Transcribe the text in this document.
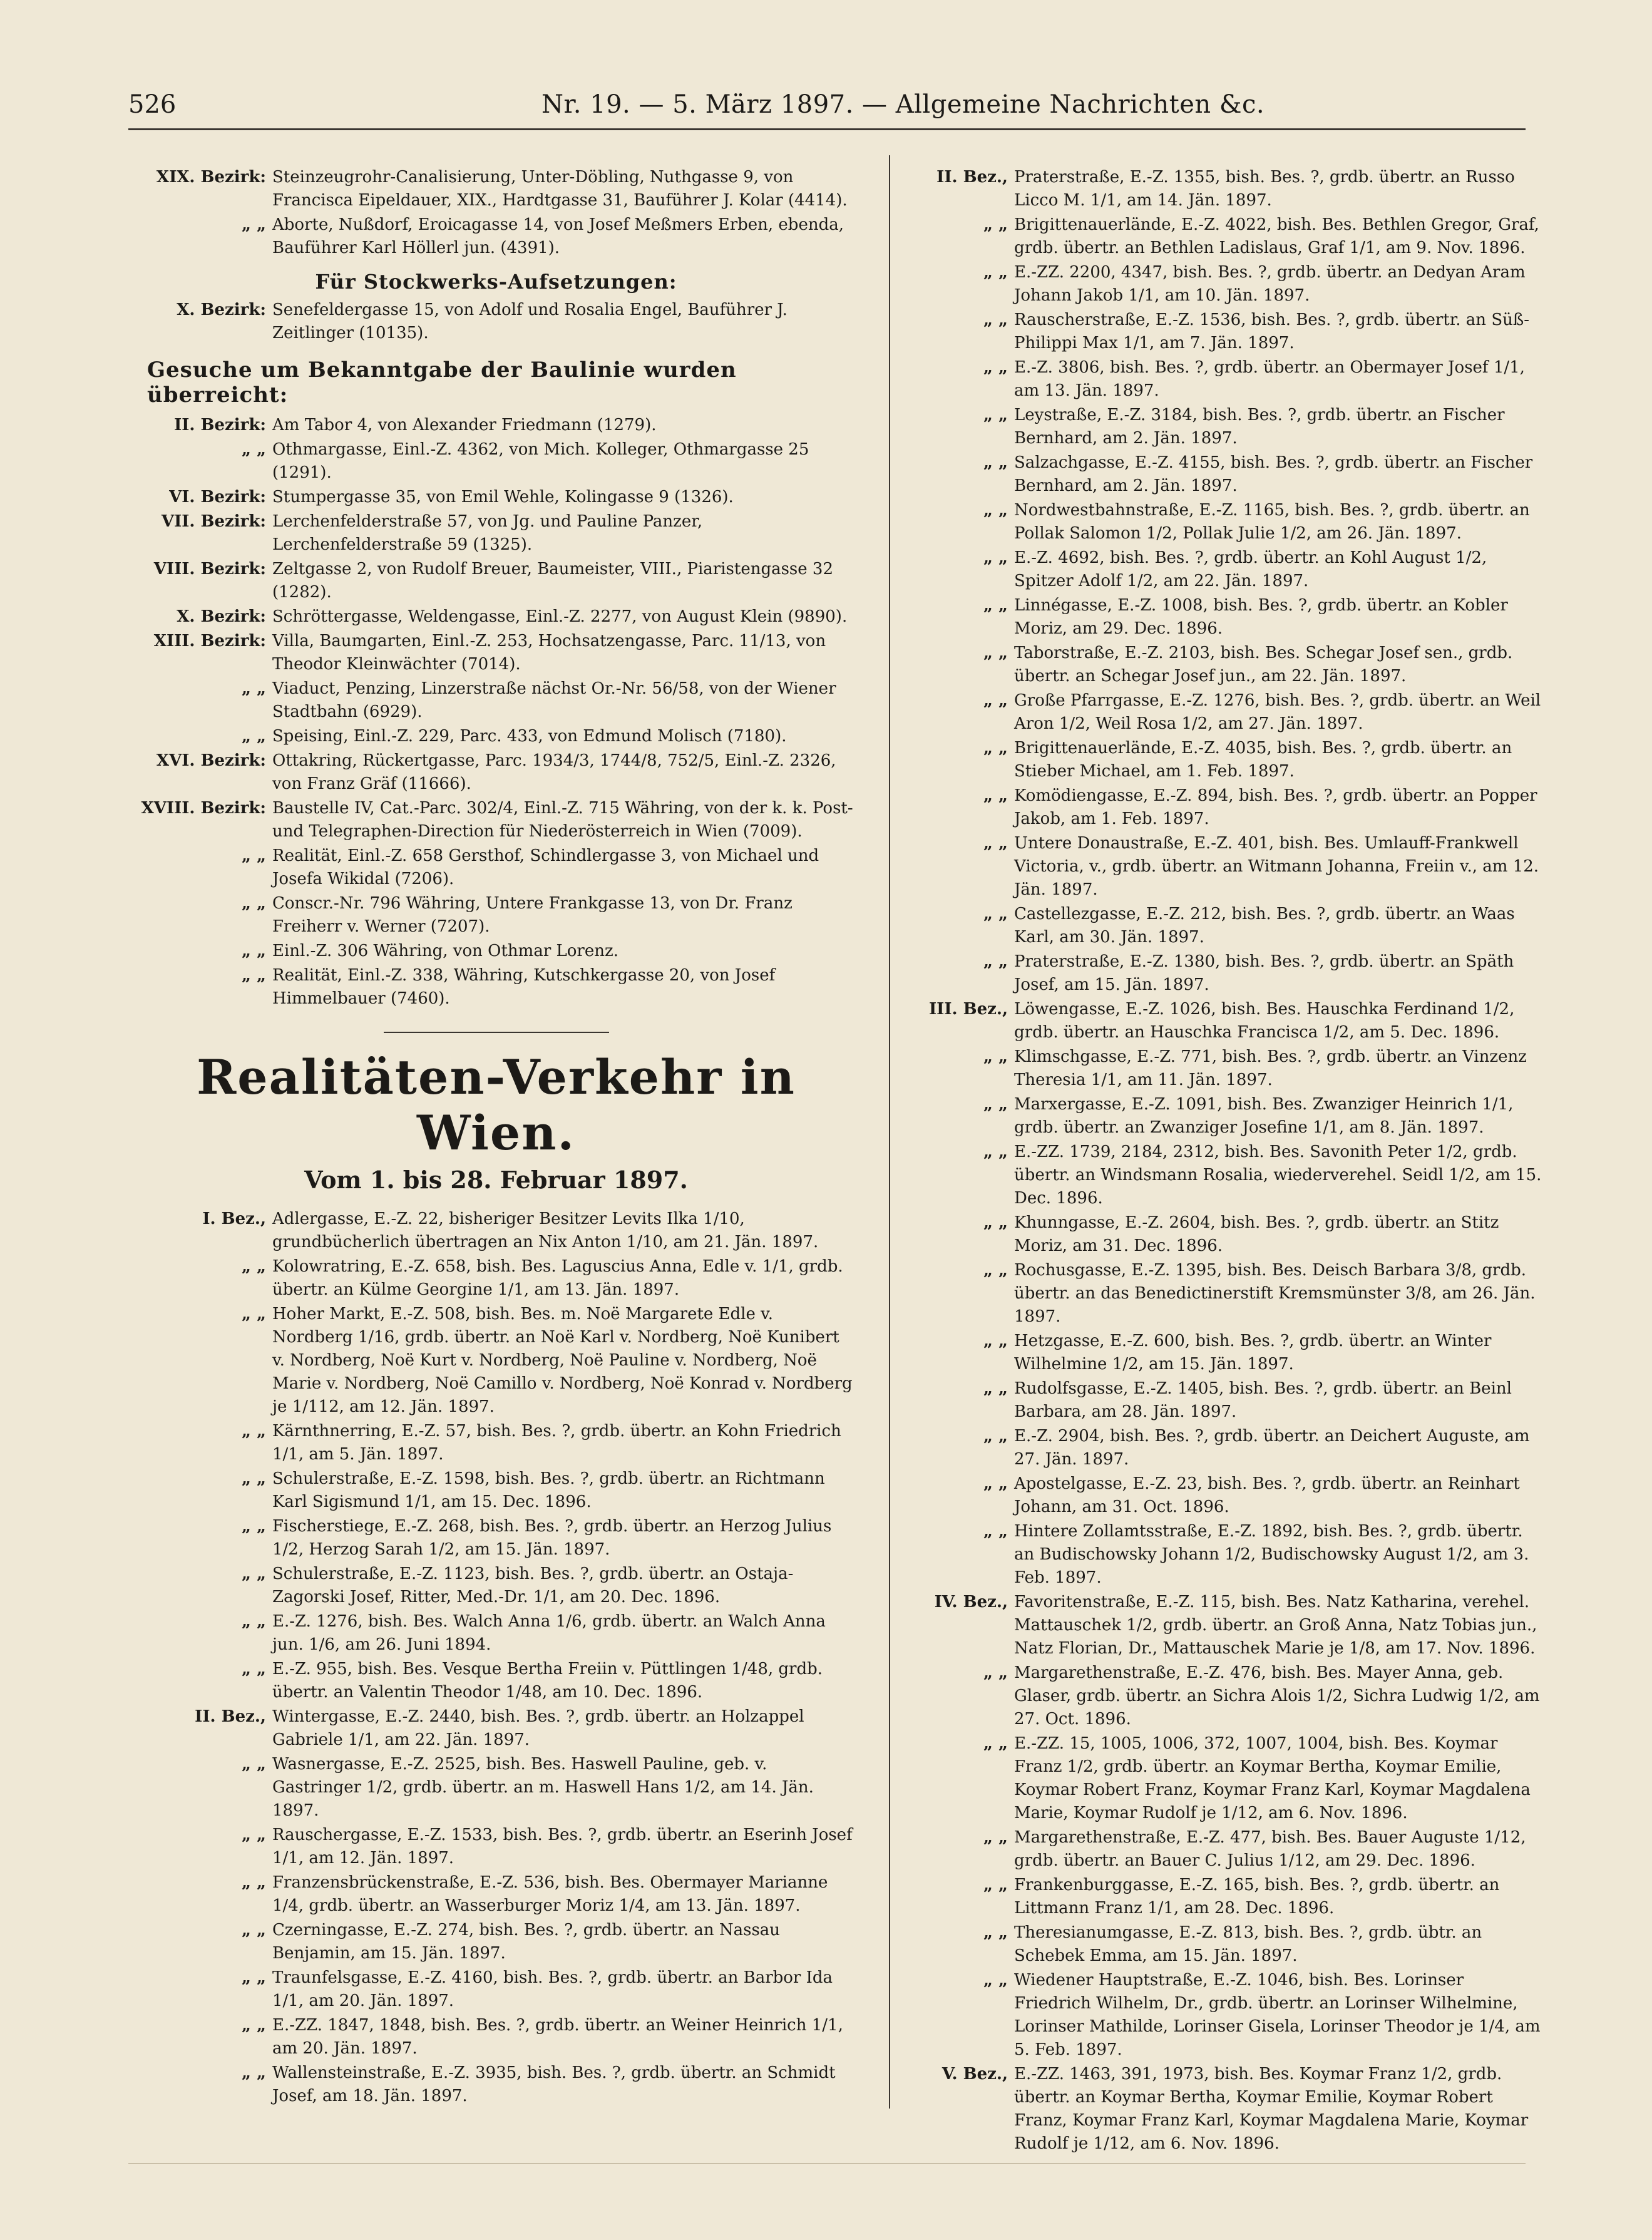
526	Nr. 19. — 5. März 1897. — Allgemeine Nachrichten &c.
XIX. Bezirk: Steinzeugrohr-Canalisierung, Unter-Döbling, Nuthgasse 9, von Francisca Eipeldauer, XIX., Hardtgasse 31, Bauführer J. Kolar (4414).
„ „ Aborte, Nußdorf, Eroicagasse 14, von Josef Meßmers Erben, ebenda, Bauführer Karl Höllerl jun. (4391).
Für Stockwerks-Aufsetzungen:
X. Bezirk: Senefeldergasse 15, von Adolf und Rosalia Engel, Bauführer J. Zeitlinger (10135).
Gesuche um Bekanntgabe der Baulinie wurden überreicht:
II. Bezirk: Am Tabor 4, von Alexander Friedmann (1279).
„ „ Othmargasse, Einl.-Z. 4362, von Mich. Kolleger, Othmargasse 25 (1291).
VI. Bezirk: Stumpergasse 35, von Emil Wehle, Kolingasse 9 (1326).
VII. Bezirk: Lerchenfelderstraße 57, von Jg. und Pauline Panzer, Lerchenfelderstraße 59 (1325).
VIII. Bezirk: Zeltgasse 2, von Rudolf Breuer, Baumeister, VIII., Piaristengasse 32 (1282).
X. Bezirk: Schröttergasse, Weldengasse, Einl.-Z. 2277, von August Klein (9890).
XIII. Bezirk: Villa, Baumgarten, Einl.-Z. 253, Hochsatzengasse, Parc. 11/13, von Theodor Kleinwächter (7014).
„ „ Viaduct, Penzing, Linzerstraße nächst Or.-Nr. 56/58, von der Wiener Stadtbahn (6929).
„ „ Speising, Einl.-Z. 229, Parc. 433, von Edmund Molisch (7180).
XVI. Bezirk: Ottakring, Rückertgasse, Parc. 1934/3, 1744/8, 752/5, Einl.-Z. 2326, von Franz Gräf (11666).
XVIII. Bezirk: Baustelle IV, Cat.-Parc. 302/4, Einl.-Z. 715 Währing, von der k. k. Post- und Telegraphen-Direction für Niederösterreich in Wien (7009).
„ „ Realität, Einl.-Z. 658 Gersthof, Schindlergasse 3, von Michael und Josefa Wikidal (7206).
„ „ Conscr.-Nr. 796 Währing, Untere Frankgasse 13, von Dr. Franz Freiherr v. Werner (7207).
„ „ Einl.-Z. 306 Währing, von Othmar Lorenz.
„ „ Realität, Einl.-Z. 338, Währing, Kutschkergasse 20, von Josef Himmelbauer (7460).
Realitäten-Verkehr in Wien.
Vom 1. bis 28. Februar 1897.
I. Bez., Adlergasse, E.-Z. 22, bisheriger Besitzer Levits Ilka 1/10, grundbücherlich übertragen an Nix Anton 1/10, am 21. Jän. 1897.
„ „ Kolowratring, E.-Z. 658, bish. Bes. Laguscius Anna, Edle v. 1/1, grdb. übertr. an Külme Georgine 1/1, am 13. Jän. 1897.
„ „ Hoher Markt, E.-Z. 508, bish. Bes. m. Noë Margarete Edle v. Nordberg 1/16, grdb. übertr. an Noë Karl v. Nordberg, Noë Kunibert v. Nordberg, Noë Kurt v. Nordberg, Noë Pauline v. Nordberg, Noë Marie v. Nordberg, Noë Camillo v. Nordberg, Noë Konrad v. Nordberg je 1/112, am 12. Jän. 1897.
„ „ Kärnthnerring, E.-Z. 57, bish. Bes. ?, grdb. übertr. an Kohn Friedrich 1/1, am 5. Jän. 1897.
„ „ Schulerstraße, E.-Z. 1598, bish. Bes. ?, grdb. übertr. an Richtmann Karl Sigismund 1/1, am 15. Dec. 1896.
„ „ Fischerstiege, E.-Z. 268, bish. Bes. ?, grdb. übertr. an Herzog Julius 1/2, Herzog Sarah 1/2, am 15. Jän. 1897.
„ „ Schulerstraße, E.-Z. 1123, bish. Bes. ?, grdb. übertr. an Ostaja-Zagorski Josef, Ritter, Med.-Dr. 1/1, am 20. Dec. 1896.
„ „ E.-Z. 1276, bish. Bes. Walch Anna 1/6, grdb. übertr. an Walch Anna jun. 1/6, am 26. Juni 1894.
„ „ E.-Z. 955, bish. Bes. Vesque Bertha Freiin v. Püttlingen 1/48, grdb. übertr. an Valentin Theodor 1/48, am 10. Dec. 1896.
II. Bez., Wintergasse, E.-Z. 2440, bish. Bes. ?, grdb. übertr. an Holzappel Gabriele 1/1, am 22. Jän. 1897.
„ „ Wasnergasse, E.-Z. 2525, bish. Bes. Haswell Pauline, geb. v. Gastringer 1/2, grdb. übertr. an m. Haswell Hans 1/2, am 14. Jän. 1897.
„ „ Rauschergasse, E.-Z. 1533, bish. Bes. ?, grdb. übertr. an Eserinh Josef 1/1, am 12. Jän. 1897.
„ „ Franzensbrückenstraße, E.-Z. 536, bish. Bes. Obermayer Marianne 1/4, grdb. übertr. an Wasserburger Moriz 1/4, am 13. Jän. 1897.
„ „ Czerningasse, E.-Z. 274, bish. Bes. ?, grdb. übertr. an Nassau Benjamin, am 15. Jän. 1897.
„ „ Traunfelsgasse, E.-Z. 4160, bish. Bes. ?, grdb. übertr. an Barbor Ida 1/1, am 20. Jän. 1897.
„ „ E.-ZZ. 1847, 1848, bish. Bes. ?, grdb. übertr. an Weiner Heinrich 1/1, am 20. Jän. 1897.
„ „ Wallensteinstraße, E.-Z. 3935, bish. Bes. ?, grdb. übertr. an Schmidt Josef, am 18. Jän. 1897.
II. Bez., Praterstraße, E.-Z. 1355, bish. Bes. ?, grdb. übertr. an Russo Licco M. 1/1, am 14. Jän. 1897.
„ „ Brigittenauerlände, E.-Z. 4022, bish. Bes. Bethlen Gregor, Graf, grdb. übertr. an Bethlen Ladislaus, Graf 1/1, am 9. Nov. 1896.
„ „ E.-ZZ. 2200, 4347, bish. Bes. ?, grdb. übertr. an Dedyan Aram Johann Jakob 1/1, am 10. Jän. 1897.
„ „ Rauscherstraße, E.-Z. 1536, bish. Bes. ?, grdb. übertr. an Süß-Philippi Max 1/1, am 7. Jän. 1897.
„ „ E.-Z. 3806, bish. Bes. ?, grdb. übertr. an Obermayer Josef 1/1, am 13. Jän. 1897.
„ „ Leystraße, E.-Z. 3184, bish. Bes. ?, grdb. übertr. an Fischer Bernhard, am 2. Jän. 1897.
„ „ Salzachgasse, E.-Z. 4155, bish. Bes. ?, grdb. übertr. an Fischer Bernhard, am 2. Jän. 1897.
„ „ Nordwestbahnstraße, E.-Z. 1165, bish. Bes. ?, grdb. übertr. an Pollak Salomon 1/2, Pollak Julie 1/2, am 26. Jän. 1897.
„ „ E.-Z. 4692, bish. Bes. ?, grdb. übertr. an Kohl August 1/2, Spitzer Adolf 1/2, am 22. Jän. 1897.
„ „ Linnégasse, E.-Z. 1008, bish. Bes. ?, grdb. übertr. an Kobler Moriz, am 29. Dec. 1896.
„ „ Taborstraße, E.-Z. 2103, bish. Bes. Schegar Josef sen., grdb. übertr. an Schegar Josef jun., am 22. Jän. 1897.
„ „ Große Pfarrgasse, E.-Z. 1276, bish. Bes. ?, grdb. übertr. an Weil Aron 1/2, Weil Rosa 1/2, am 27. Jän. 1897.
„ „ Brigittenauerlände, E.-Z. 4035, bish. Bes. ?, grdb. übertr. an Stieber Michael, am 1. Feb. 1897.
„ „ Komödiengasse, E.-Z. 894, bish. Bes. ?, grdb. übertr. an Popper Jakob, am 1. Feb. 1897.
„ „ Untere Donaustraße, E.-Z. 401, bish. Bes. Umlauff-Frankwell Victoria, v., grdb. übertr. an Witmann Johanna, Freiin v., am 12. Jän. 1897.
„ „ Castellezgasse, E.-Z. 212, bish. Bes. ?, grdb. übertr. an Waas Karl, am 30. Jän. 1897.
„ „ Praterstraße, E.-Z. 1380, bish. Bes. ?, grdb. übertr. an Späth Josef, am 15. Jän. 1897.
III. Bez., Löwengasse, E.-Z. 1026, bish. Bes. Hauschka Ferdinand 1/2, grdb. übertr. an Hauschka Francisca 1/2, am 5. Dec. 1896.
„ „ Klimschgasse, E.-Z. 771, bish. Bes. ?, grdb. übertr. an Vinzenz Theresia 1/1, am 11. Jän. 1897.
„ „ Marxergasse, E.-Z. 1091, bish. Bes. Zwanziger Heinrich 1/1, grdb. übertr. an Zwanziger Josefine 1/1, am 8. Jän. 1897.
„ „ E.-ZZ. 1739, 2184, 2312, bish. Bes. Savonith Peter 1/2, grdb. übertr. an Windsmann Rosalia, wiederverehel. Seidl 1/2, am 15. Dec. 1896.
„ „ Khunngasse, E.-Z. 2604, bish. Bes. ?, grdb. übertr. an Stitz Moriz, am 31. Dec. 1896.
„ „ Rochusgasse, E.-Z. 1395, bish. Bes. Deisch Barbara 3/8, grdb. übertr. an das Benedictinerstift Kremsmünster 3/8, am 26. Jän. 1897.
„ „ Hetzgasse, E.-Z. 600, bish. Bes. ?, grdb. übertr. an Winter Wilhelmine 1/2, am 15. Jän. 1897.
„ „ Rudolfsgasse, E.-Z. 1405, bish. Bes. ?, grdb. übertr. an Beinl Barbara, am 28. Jän. 1897.
„ „ E.-Z. 2904, bish. Bes. ?, grdb. übertr. an Deichert Auguste, am 27. Jän. 1897.
„ „ Apostelgasse, E.-Z. 23, bish. Bes. ?, grdb. übertr. an Reinhart Johann, am 31. Oct. 1896.
„ „ Hintere Zollamtsstraße, E.-Z. 1892, bish. Bes. ?, grdb. übertr. an Budischowsky Johann 1/2, Budischowsky August 1/2, am 3. Feb. 1897.
IV. Bez., Favoritenstraße, E.-Z. 115, bish. Bes. Natz Katharina, verehel. Mattauschek 1/2, grdb. übertr. an Groß Anna, Natz Tobias jun., Natz Florian, Dr., Mattauschek Marie je 1/8, am 17. Nov. 1896.
„ „ Margarethenstraße, E.-Z. 476, bish. Bes. Mayer Anna, geb. Glaser, grdb. übertr. an Sichra Alois 1/2, Sichra Ludwig 1/2, am 27. Oct. 1896.
„ „ E.-ZZ. 15, 1005, 1006, 372, 1007, 1004, bish. Bes. Koymar Franz 1/2, grdb. übertr. an Koymar Bertha, Koymar Emilie, Koymar Robert Franz, Koymar Franz Karl, Koymar Magdalena Marie, Koymar Rudolf je 1/12, am 6. Nov. 1896.
„ „ Margarethenstraße, E.-Z. 477, bish. Bes. Bauer Auguste 1/12, grdb. übertr. an Bauer C. Julius 1/12, am 29. Dec. 1896.
„ „ Frankenburggasse, E.-Z. 165, bish. Bes. ?, grdb. übertr. an Littmann Franz 1/1, am 28. Dec. 1896.
„ „ Theresianumgasse, E.-Z. 813, bish. Bes. ?, grdb. übtr. an Schebek Emma, am 15. Jän. 1897.
„ „ Wiedener Hauptstraße, E.-Z. 1046, bish. Bes. Lorinser Friedrich Wilhelm, Dr., grdb. übertr. an Lorinser Wilhelmine, Lorinser Mathilde, Lorinser Gisela, Lorinser Theodor je 1/4, am 5. Feb. 1897.
V. Bez., E.-ZZ. 1463, 391, 1973, bish. Bes. Koymar Franz 1/2, grdb. übertr. an Koymar Bertha, Koymar Emilie, Koymar Robert Franz, Koymar Franz Karl, Koymar Magdalena Marie, Koymar Rudolf je 1/12, am 6. Nov. 1896.
